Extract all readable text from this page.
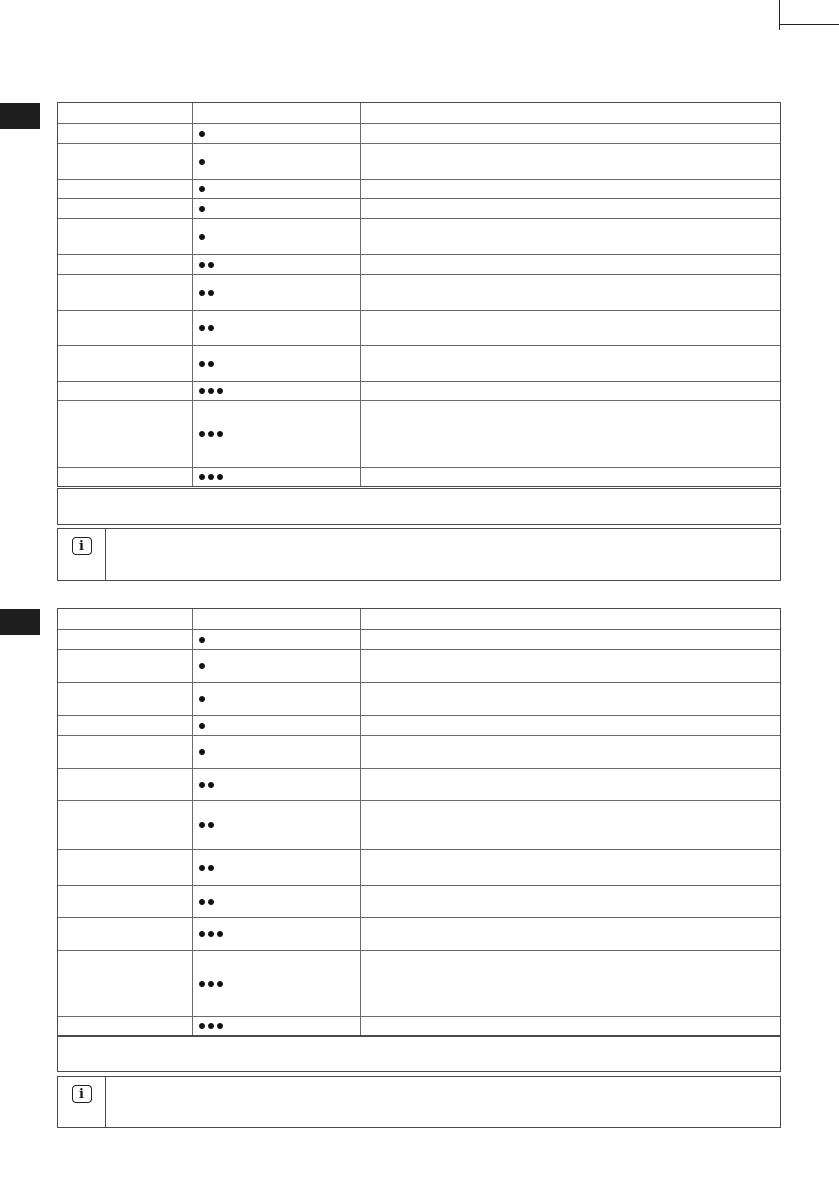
i
i
